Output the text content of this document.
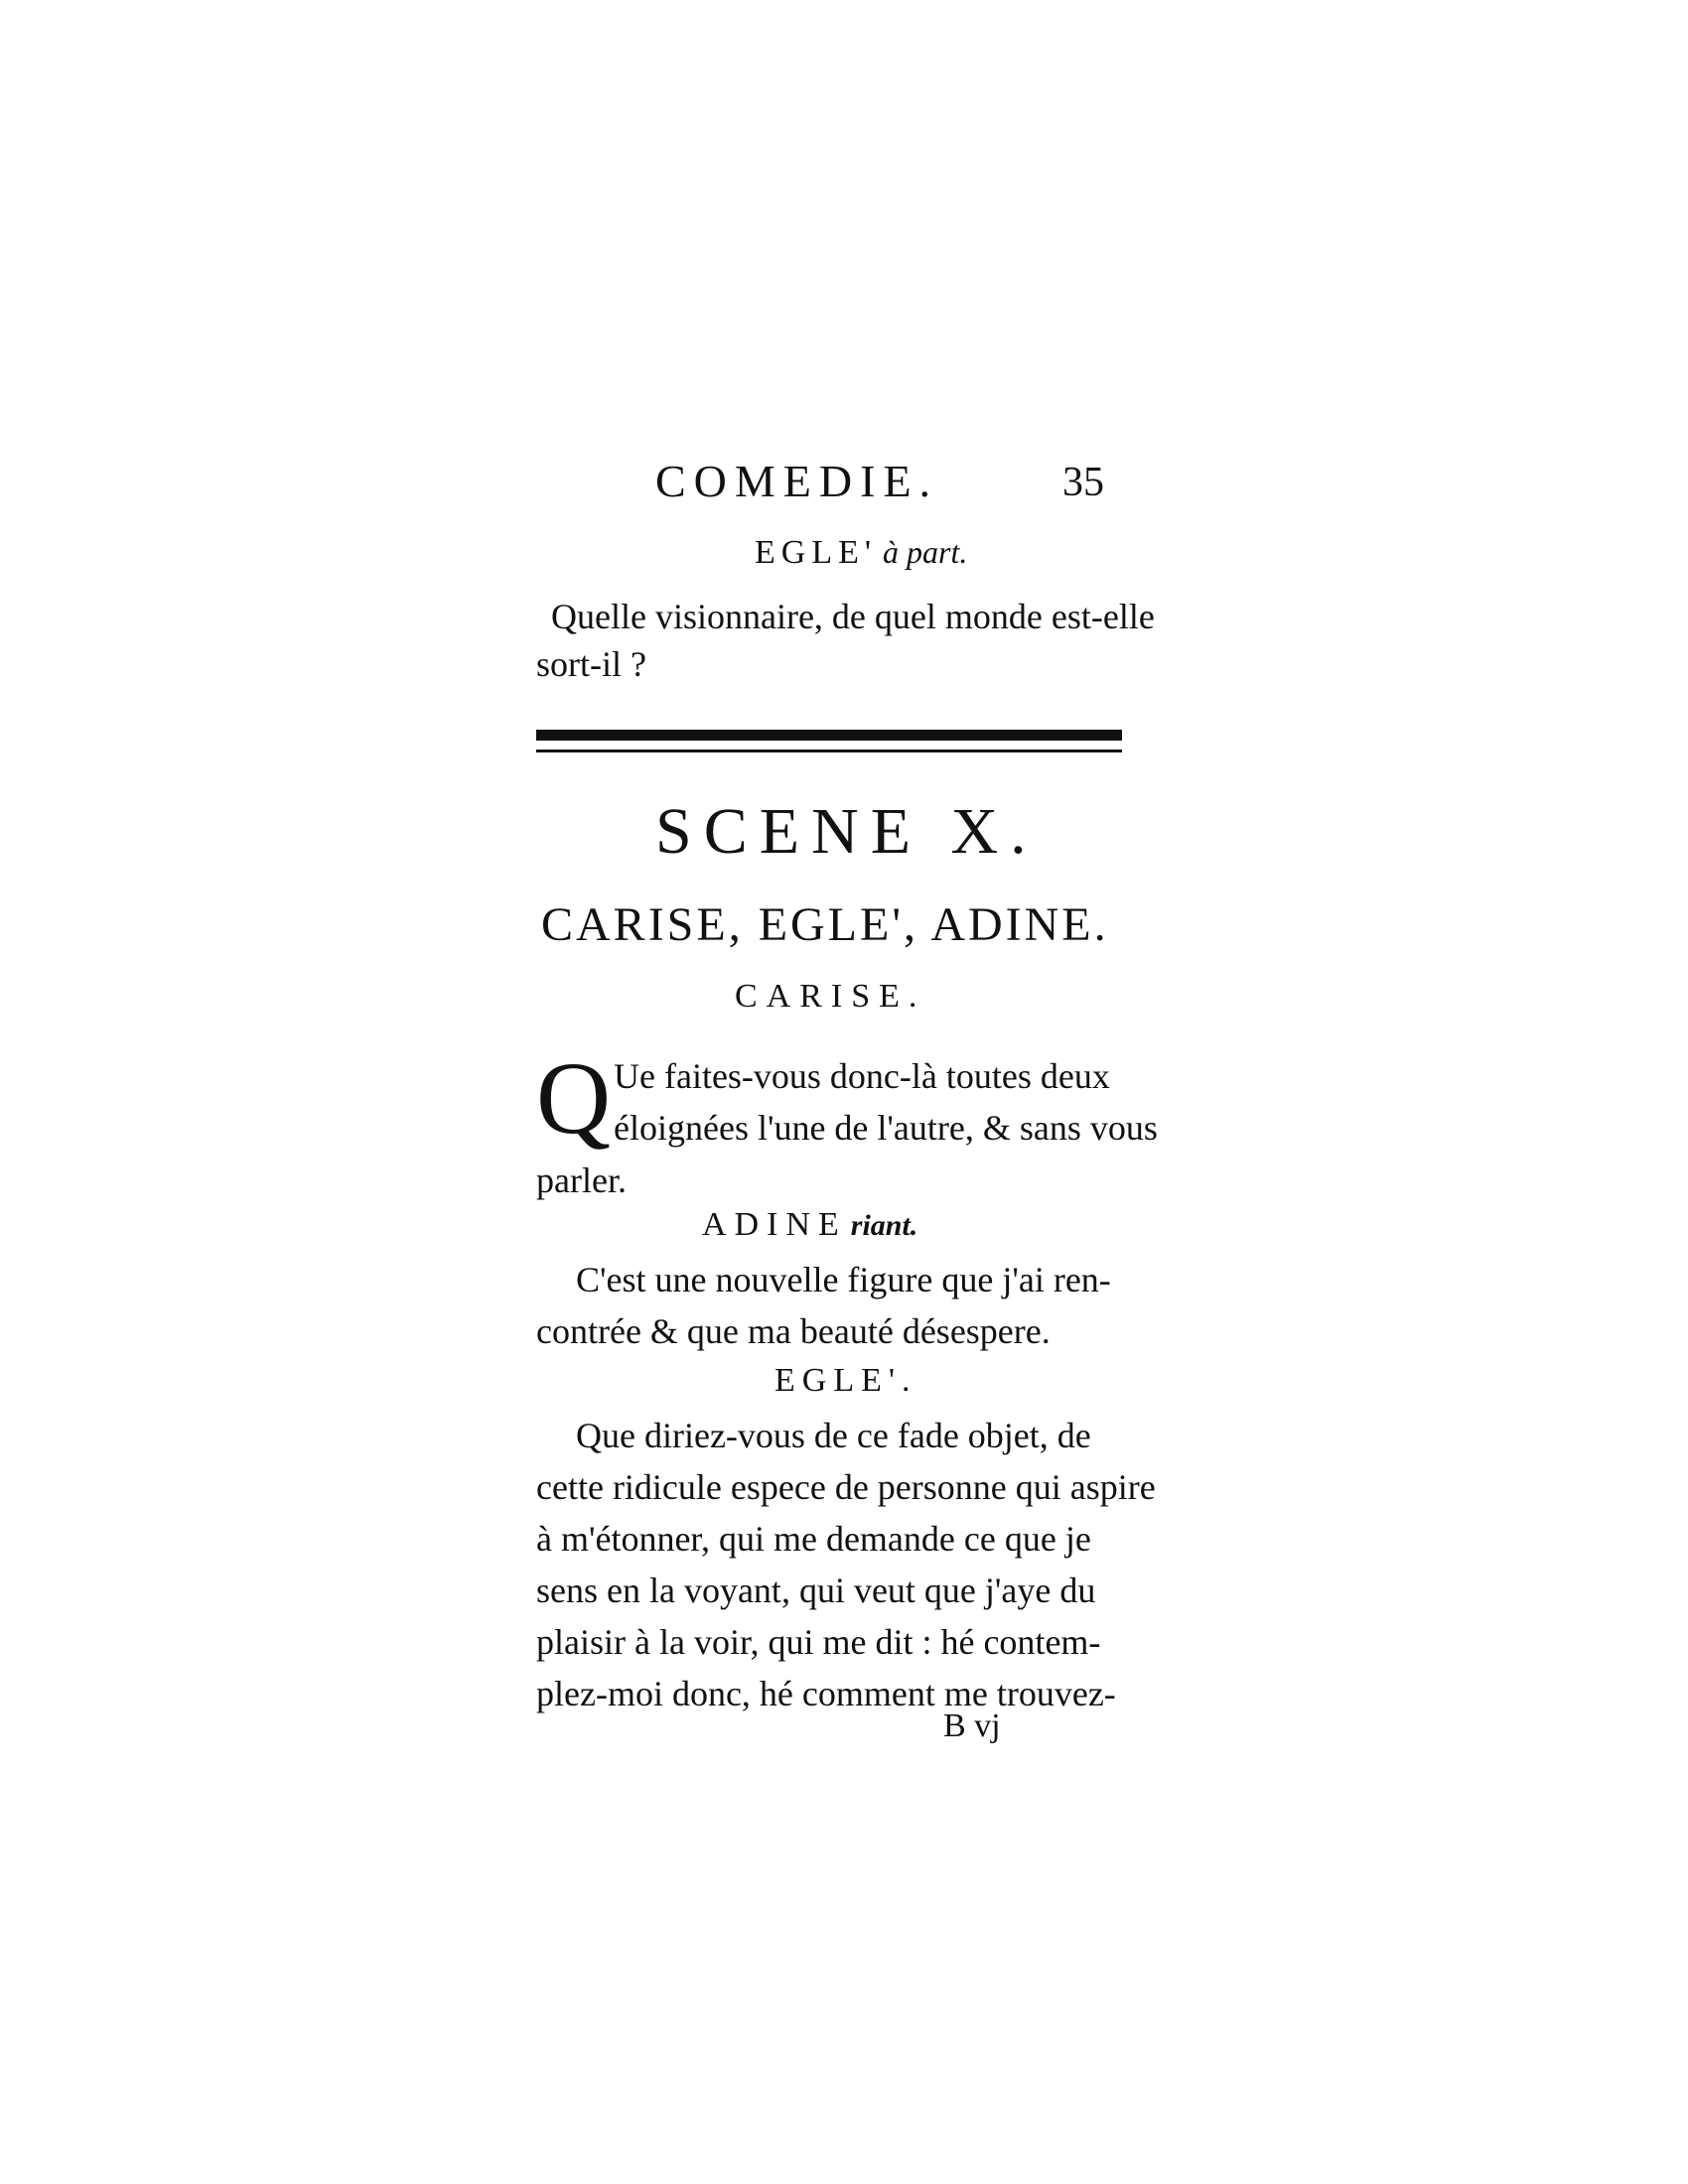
COMEDIE.	35
EGLE' à part.
Quelle visionnaire, de quel monde est-elle
sort-il ?
SCENE X.
CARISE, EGLE', ADINE.
CARISE.
Q Ue faites-vous donc-là toutes deux
éloignées l'une de l'autre, & sans vous
parler.
ADINE riant.
C'est une nouvelle figure que j'ai ren-
contrée & que ma beauté désespere.
EGLE'.
Que diriez-vous de ce fade objet, de
cette ridicule espece de personne qui aspire
à m'étonner, qui me demande ce que je
sens en la voyant, qui veut que j'aye du
plaisir à la voir, qui me dit : hé contem-
plez-moi donc, hé comment me trouvez-
B vj
